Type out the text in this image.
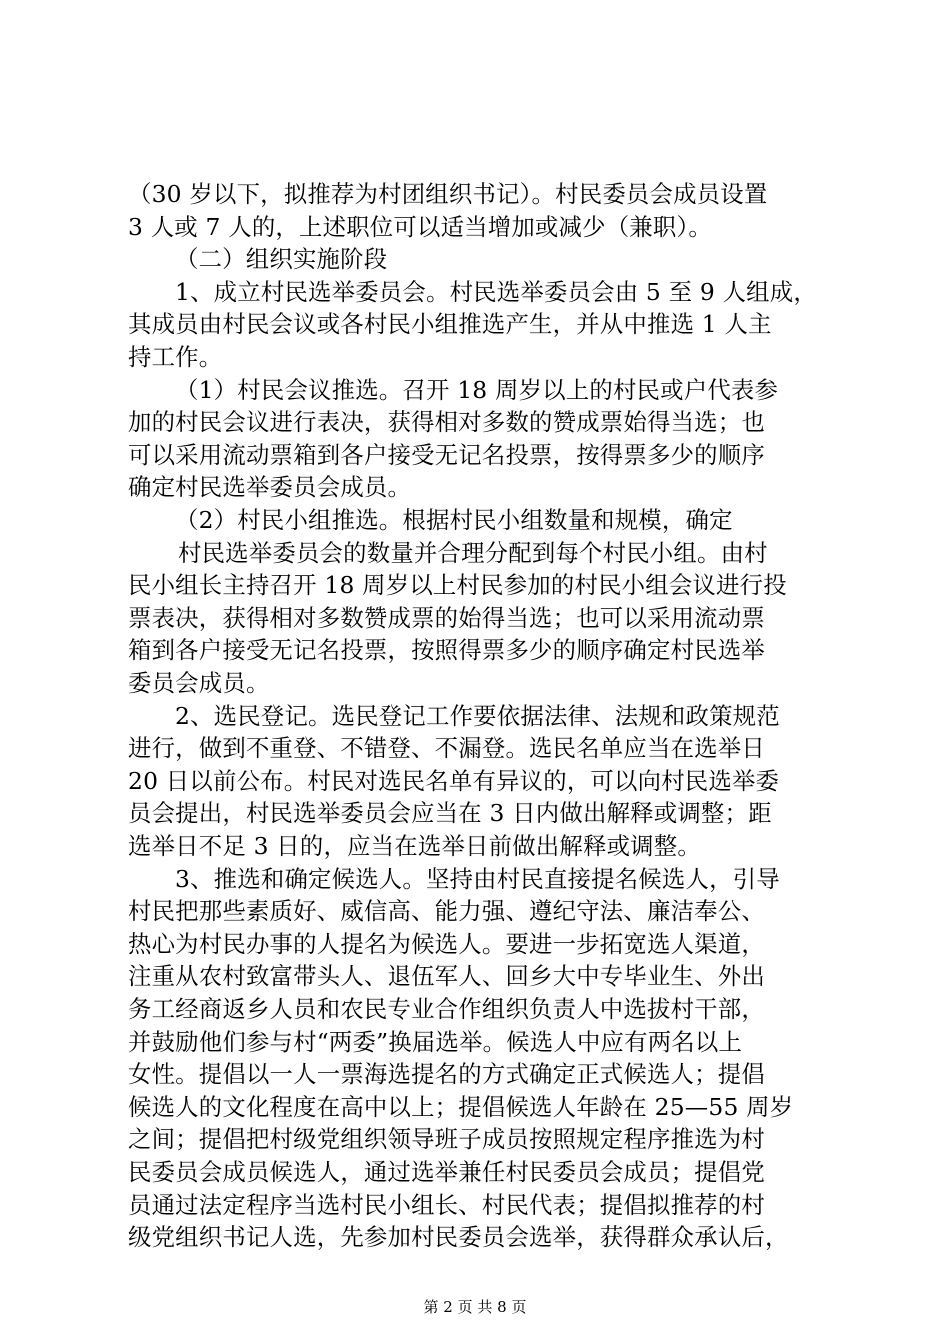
（30 岁以下，拟推荐为村团组织书记）。村民委员会成员设置
3 人或 7 人的，上述职位可以适当增加或减少（兼职）。
（二）组织实施阶段
1、成立村民选举委员会。村民选举委员会由 5 至 9 人组成，
其成员由村民会议或各村民小组推选产生，并从中推选 1 人主
持工作。
（1）村民会议推选。召开 18 周岁以上的村民或户代表参
加的村民会议进行表决，获得相对多数的赞成票始得当选；也
可以采用流动票箱到各户接受无记名投票，按得票多少的顺序
确定村民选举委员会成员。
（2）村民小组推选。根据村民小组数量和规模，确定
村民选举委员会的数量并合理分配到每个村民小组。由村
民小组长主持召开 18 周岁以上村民参加的村民小组会议进行投
票表决，获得相对多数赞成票的始得当选；也可以采用流动票
箱到各户接受无记名投票，按照得票多少的顺序确定村民选举
委员会成员。
2、选民登记。选民登记工作要依据法律、法规和政策规范
进行，做到不重登、不错登、不漏登。选民名单应当在选举日
20 日以前公布。村民对选民名单有异议的，可以向村民选举委
员会提出，村民选举委员会应当在 3 日内做出解释或调整；距
选举日不足 3 日的，应当在选举日前做出解释或调整。
3、推选和确定候选人。坚持由村民直接提名候选人，引导
村民把那些素质好、威信高、能力强、遵纪守法、廉洁奉公、
热心为村民办事的人提名为候选人。要进一步拓宽选人渠道，
注重从农村致富带头人、退伍军人、回乡大中专毕业生、外出
务工经商返乡人员和农民专业合作组织负责人中选拔村干部，
并鼓励他们参与村“两委”换届选举。候选人中应有两名以上
女性。提倡以一人一票海选提名的方式确定正式候选人；提倡
候选人的文化程度在高中以上；提倡候选人年龄在 25—55 周岁
之间；提倡把村级党组织领导班子成员按照规定程序推选为村
民委员会成员候选人，通过选举兼任村民委员会成员；提倡党
员通过法定程序当选村民小组长、村民代表；提倡拟推荐的村
级党组织书记人选，先参加村民委员会选举，获得群众承认后，
第 2 页 共 8 页
